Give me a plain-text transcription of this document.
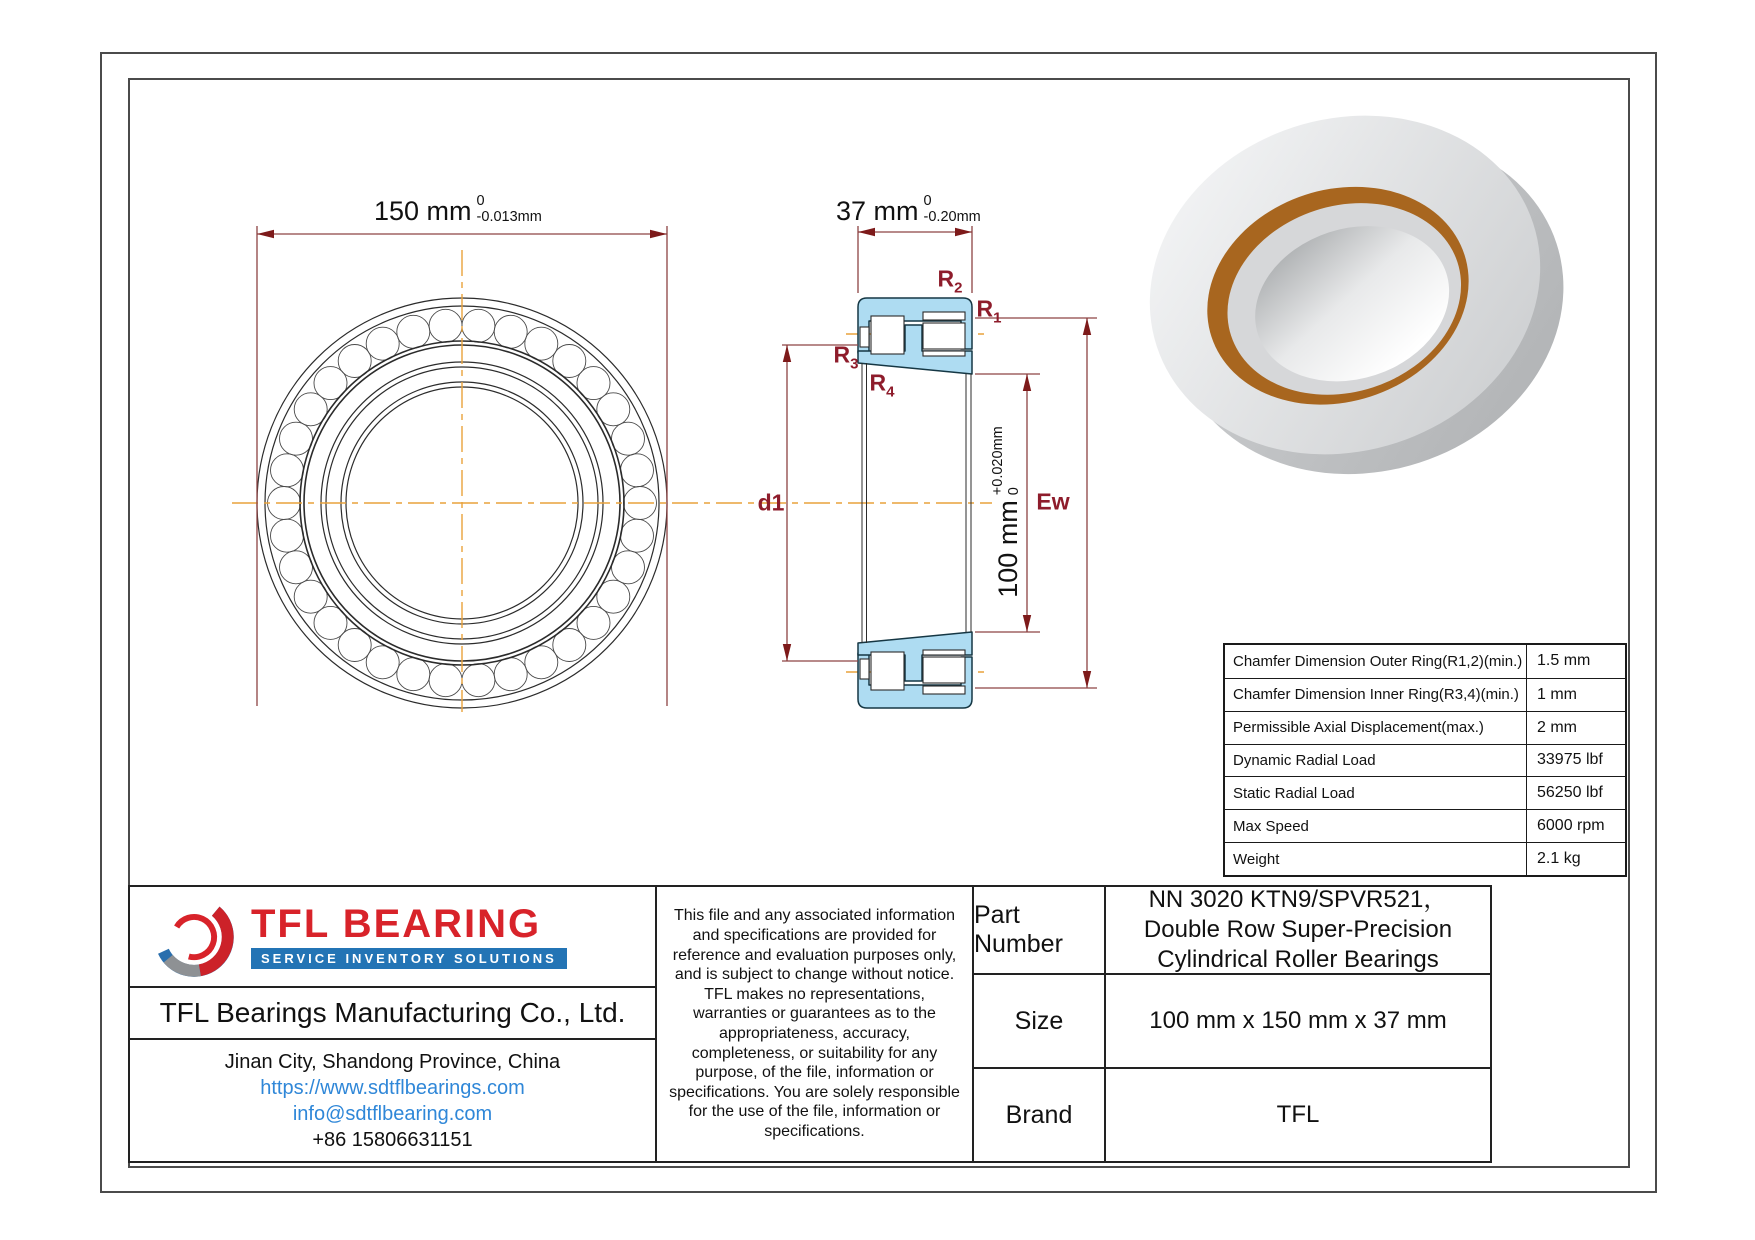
150 mm 0
-0.013mm	37 mm 0
-0.20mm
100 mm
+0.020mm 0
$R_2$
$R_1$
$R_3$
$R_4$
d1	Ew
Chamfer Dimension Outer Ring(R1,2)(min.) 1.5 mm
Chamfer Dimension Inner Ring(R3,4)(min.)	1 mm
Permissible Axial Displacement(max.)	2 mm
Dynamic Radial Load	33975 lbf
Static Radial Load	56250 lbf
Max Speed	6000 rpm
Weight	2.1 kg
TFL BEARING
SERVICE INVENTORY SOLUTIONS
TFL Bearings Manufacturing Co., Ltd.
Jinan City, Shandong Province, China
https://www.sdtflbearings.com
info@sdtflbearing.com
+86 15806631151
This file and any associated information and specifications are provided for reference and evaluation purposes only, and is subject to change without notice. TFL makes no representations, warranties or guarantees as to the appropriateness, accuracy, completeness, or suitability for any purpose, of the file, information or specifications. You are solely responsible for the use of the file, information or specifications.
Part Number
NN 3020 KTN9/SPVR521， Double Row Super-Precision Cylindrical Roller Bearings
Size	100 mm x 150 mm x 37 mm
Brand	TFL
